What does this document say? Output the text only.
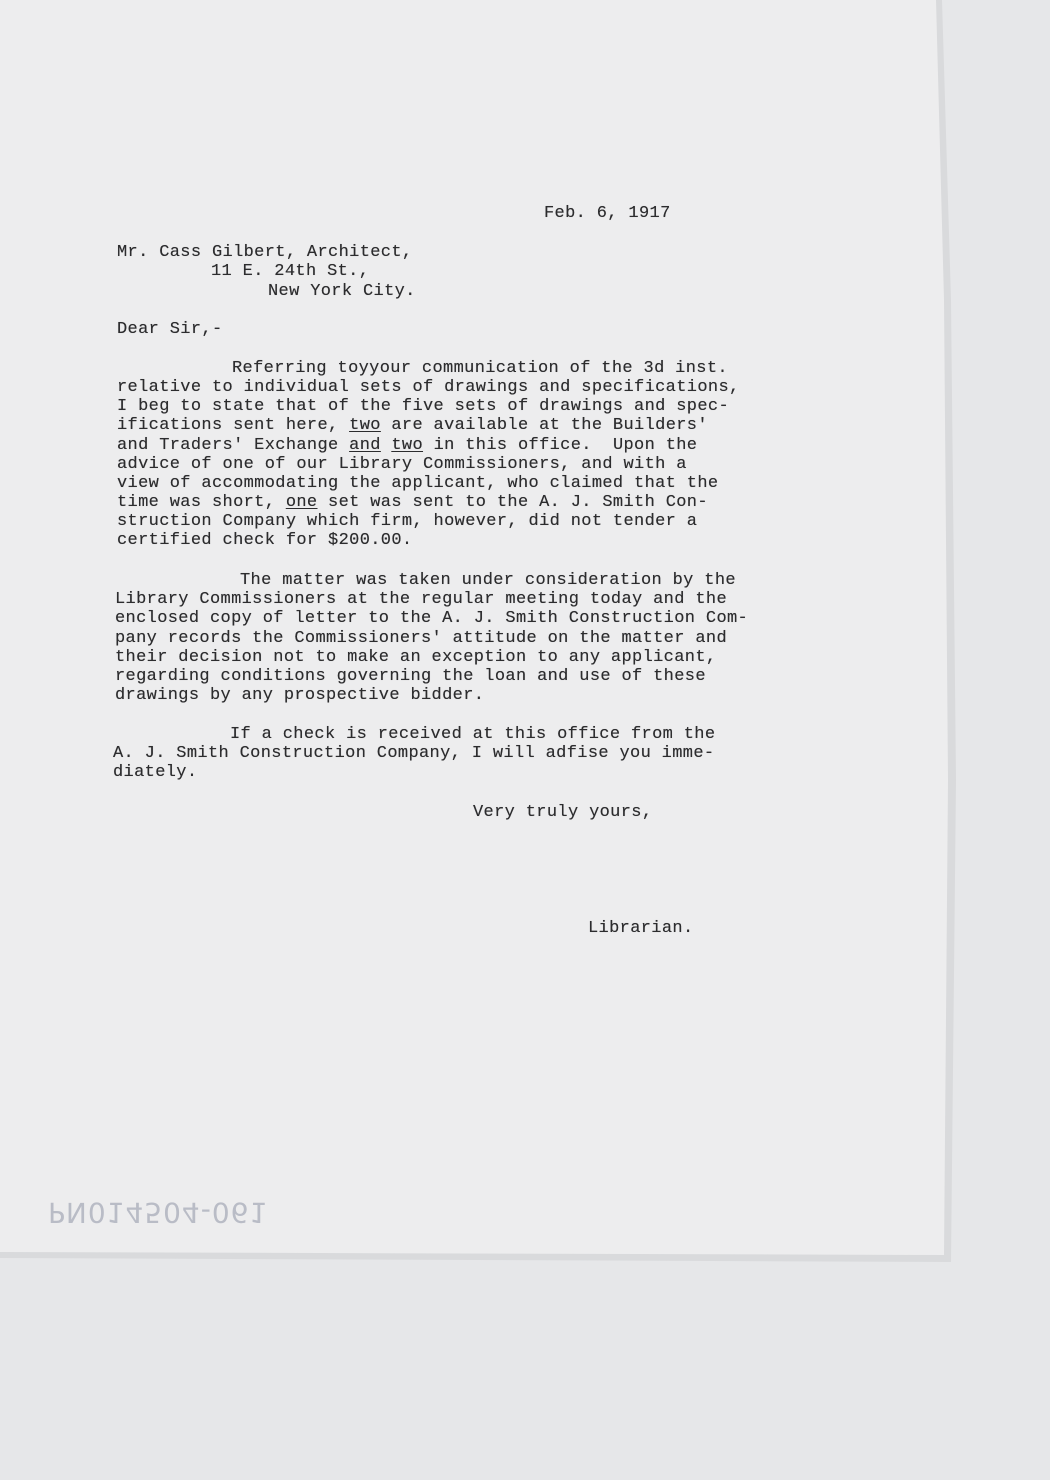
Feb. 6, 1917

Mr. Cass Gilbert, Architect,

11 E. 24th St.,

New York City.

Dear Sir,-

Referring toyyour communication of the 3d inst.

relative to individual sets of drawings and specifications,

I beg to state that of the five sets of drawings and spec-

ifications sent here, two are available at the Builders'

and Traders' Exchange and two in this office.  Upon the

advice of one of our Library Commissioners, and with a

view of accommodating the applicant, who claimed that the

time was short, one set was sent to the A. J. Smith Con-

struction Company which firm, however, did not tender a

certified check for $200.00.

The matter was taken under consideration by the

Library Commissioners at the regular meeting today and the

enclosed copy of letter to the A. J. Smith Construction Com-

pany records the Commissioners' attitude on the matter and

their decision not to make an exception to any applicant,

regarding conditions governing the loan and use of these

drawings by any prospective bidder.

If a check is received at this office from the

A. J. Smith Construction Company, I will adfise you imme-

diately.

Very truly yours,

Librarian.

PN014504-061
